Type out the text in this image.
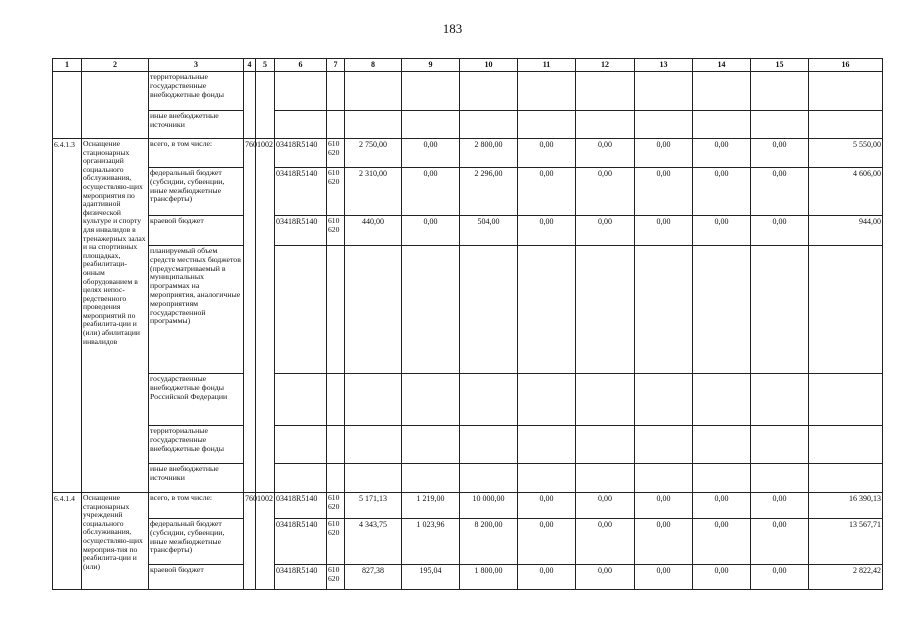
183
1	2	3	4	5	6	7	8	9	10	11	12	13	14	15	16
		территориальные государственные внебюджетные фонды													
		иные внебюджетные источники													
6.4.1.3	Оснащение стационарных организаций социального обслуживания, осуществляю-щих мероприятия по адаптивной физической культуре и спорту для инвалидов в тренажерных залах и на спортивных площадках, реабилитаци-онным оборудованием в целях непос-редственного проведения мероприятий по реабилита-ции и (или) абилитации инвалидов	всего, в том числе:	760	1002	03418R5140	610 620	2 750,00	0,00	2 800,00	0,00	0,00	0,00	0,00	0,00	5 550,00
		федеральный бюджет (субсидии, субвенции, иные межбюджетные трансферты)			03418R5140	610 620	2 310,00	0,00	2 296,00	0,00	0,00	0,00	0,00	0,00	4 606,00
		краевой бюджет			03418R5140	610 620	440,00	0,00	504,00	0,00	0,00	0,00	0,00	0,00	944,00
		планируемый объем средств местных бюджетов (предусматриваемый в муниципальных программах на мероприятия, аналогичные мероприятиям государственной программы)													
		государственные внебюджетные фонды Российской Федерации													
		территориальные государственные внебюджетные фонды													
		иные внебюджетные источники													
6.4.1.4	Оснащение стационарных учреждений социального обслуживания, осуществляю-щих мероприя-тия по реабилита-ции и (или)	всего, в том числе:	760	1002	03418R5140	610 620	5 171,13	1 219,00	10 000,00	0,00	0,00	0,00	0,00	0,00	16 390,13
		федеральный бюджет (субсидии, субвенции, иные межбюджетные трансферты)			03418R5140	610 620	4 343,75	1 023,96	8 200,00	0,00	0,00	0,00	0,00	0,00	13 567,71
		краевой бюджет			03418R5140	610 620	827,38	195,04	1 800,00	0,00	0,00	0,00	0,00	0,00	2 822,42
